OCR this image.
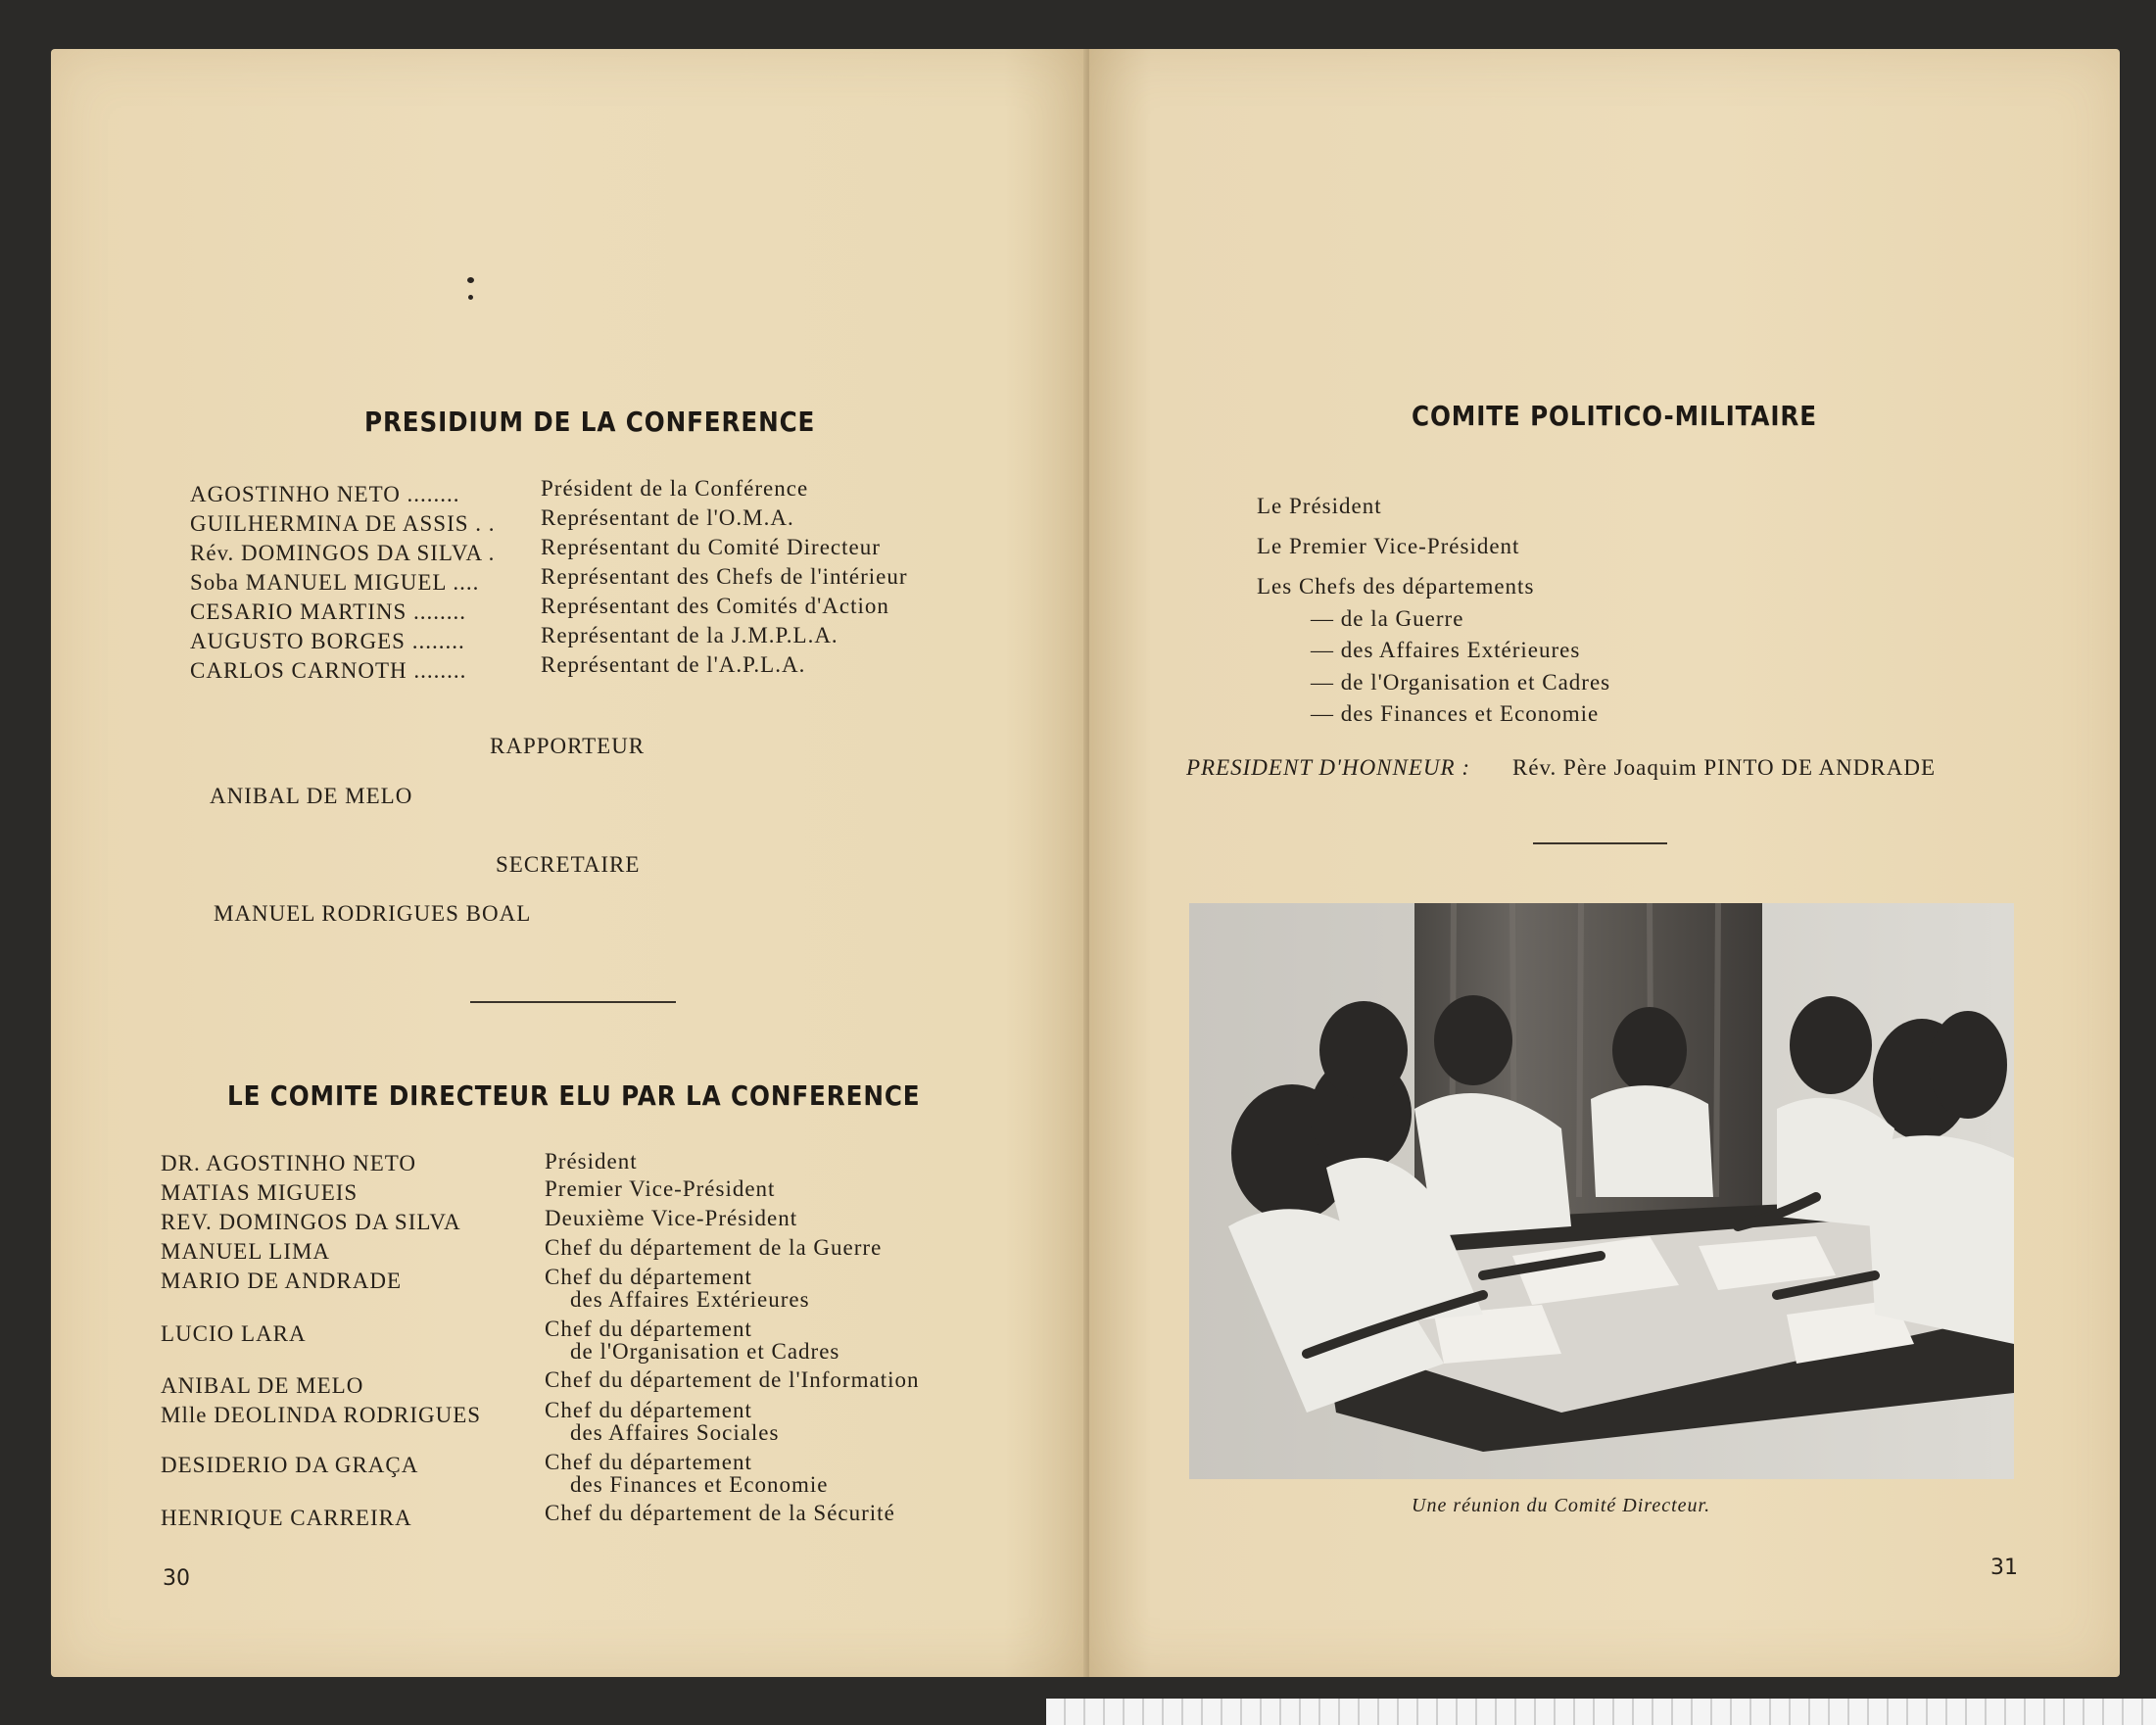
PRESIDIUM DE LA CONFERENCE
AGOSTINHO NETO ........	Président de la Conférence
GUILHERMINA DE ASSIS . . Représentant de l'O.M.A.
Rév. DOMINGOS DA SILVA . Représentant du Comité Directeur
Soba MANUEL MIGUEL ....	Représentant des Chefs de l'intérieur
CESARIO MARTINS ........	Représentant des Comités d'Action
AUGUSTO BORGES ........	Représentant de la J.M.P.L.A.
CARLOS CARNOTH ........	Représentant de l'A.P.L.A.
RAPPORTEUR
ANIBAL DE MELO
SECRETAIRE
MANUEL RODRIGUES BOAL
LE COMITE DIRECTEUR ELU PAR LA CONFERENCE
DR. AGOSTINHO NETO	Président
MATIAS MIGUEIS	Premier Vice-Président
REV. DOMINGOS DA SILVA	Deuxième Vice-Président
MANUEL LIMA	Chef du département de la Guerre
MARIO DE ANDRADE	Chef du département
des Affaires Extérieures
LUCIO LARA	Chef du département
de l'Organisation et Cadres
ANIBAL DE MELO	Chef du département de l'Information
Mlle DEOLINDA RODRIGUES	Chef du département
des Affaires Sociales
DESIDERIO DA GRAÇA	Chef du département
des Finances et Economie
HENRIQUE CARREIRA	Chef du département de la Sécurité
30
COMITE POLITICO-MILITAIRE
Le Président
Le Premier Vice-Président
Les Chefs des départements
— de la Guerre
— des Affaires Extérieures
— de l'Organisation et Cadres
— des Finances et Economie
PRESIDENT D'HONNEUR : Rév. Père Joaquim PINTO DE ANDRADE
Une réunion du Comité Directeur.
31
